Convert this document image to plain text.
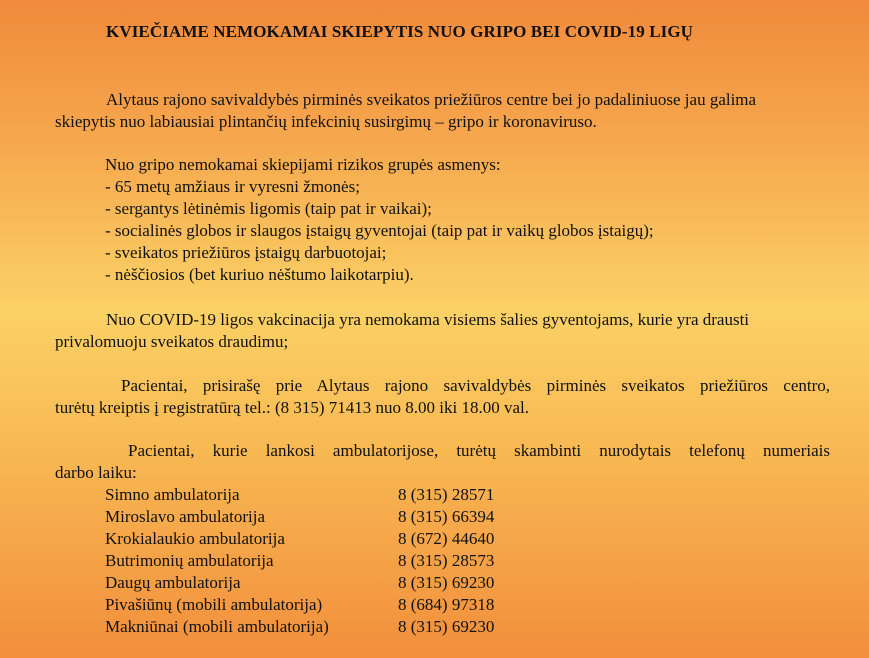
KVIEČIAME NEMOKAMAI SKIEPYTIS NUO GRIPO BEI COVID-19 LIGŲ
Alytaus rajono savivaldybės pirminės sveikatos priežiūros centre bei jo padaliniuose jau galima
skiepytis nuo labiausiai plintančių infekcinių susirgimų – gripo ir koronaviruso.
Nuo gripo nemokamai skiepijami rizikos grupės asmenys:
- 65 metų amžiaus ir vyresni žmonės;
- sergantys lėtinėmis ligomis (taip pat ir vaikai);
- socialinės globos ir slaugos įstaigų gyventojai (taip pat ir vaikų globos įstaigų);
- sveikatos priežiūros įstaigų darbuotojai;
- nėščiosios (bet kuriuo nėštumo laikotarpiu).
Nuo COVID-19 ligos vakcinacija yra nemokama visiems šalies gyventojams, kurie yra drausti
privalomuoju sveikatos draudimu;
Pacientai, prisirašę prie Alytaus rajono savivaldybės pirminės sveikatos priežiūros centro,
turėtų kreiptis į registratūrą tel.: (8 315) 71413 nuo 8.00 iki 18.00 val.
Pacientai, kurie lankosi ambulatorijose, turėtų skambinti nurodytais telefonų numeriais
darbo laiku:
Simno ambulatorija	8 (315) 28571
Miroslavo ambulatorija	8 (315) 66394
Krokialaukio ambulatorija	8 (672) 44640
Butrimonių ambulatorija	8 (315) 28573
Daugų ambulatorija	8 (315) 69230
Pivašiūnų (mobili ambulatorija)	8 (684) 97318
Makniūnai (mobili ambulatorija)	8 (315) 69230
